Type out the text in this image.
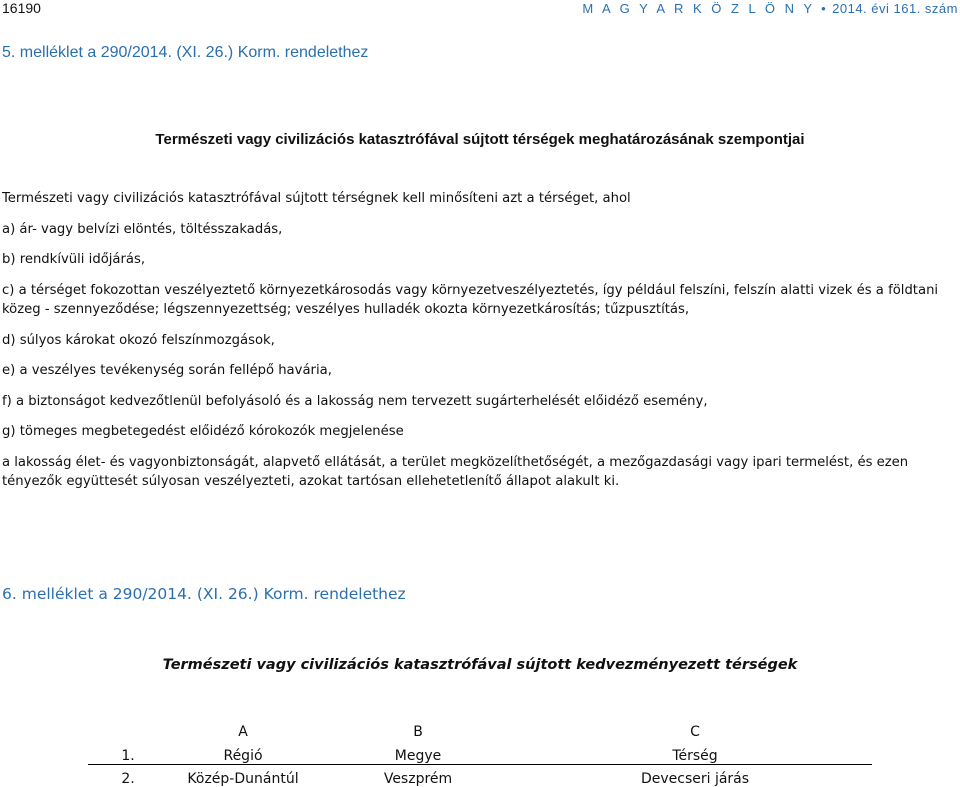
16190	M A G Y A R K Ö Z L Ö N Y • 2014. évi 161. szám
5. melléklet a 290/2014. (XI. 26.) Korm. rendelethez
Természeti vagy civilizációs katasztrófával sújtott térségek meghatározásának szempontjai
Természeti vagy civilizációs katasztrófával sújtott térségnek kell minősíteni azt a térséget, ahol
a) ár- vagy belvízi elöntés, töltésszakadás,
b) rendkívüli időjárás,
c) a térséget fokozottan veszélyeztető környezetkárosodás vagy környezetveszélyeztetés, így például felszíni, felszín alatti vizek és a földtani közeg - szennyeződése; légszennyezettség; veszélyes hulladék okozta környezetkárosítás; tűzpusztítás,
d) súlyos károkat okozó felszínmozgások,
e) a veszélyes tevékenység során fellépő havária,
f) a biztonságot kedvezőtlenül befolyásoló és a lakosság nem tervezett sugárterhelését előidéző esemény,
g) tömeges megbetegedést előidéző kórokozók megjelenése
a lakosság élet- és vagyonbiztonságát, alapvető ellátását, a terület megközelíthetőségét, a mezőgazdasági vagy ipari termelést, és ezen tényezők együttesét súlyosan veszélyezteti, azokat tartósan ellehetetlenítő állapot alakult ki.
6. melléklet a 290/2014. (XI. 26.) Korm. rendelethez
Természeti vagy civilizációs katasztrófával sújtott kedvezményezett térségek
	A	B	C
1.	Régió	Megye	Térség
2.	Közép-Dunántúl	Veszprém	Devecseri járás
